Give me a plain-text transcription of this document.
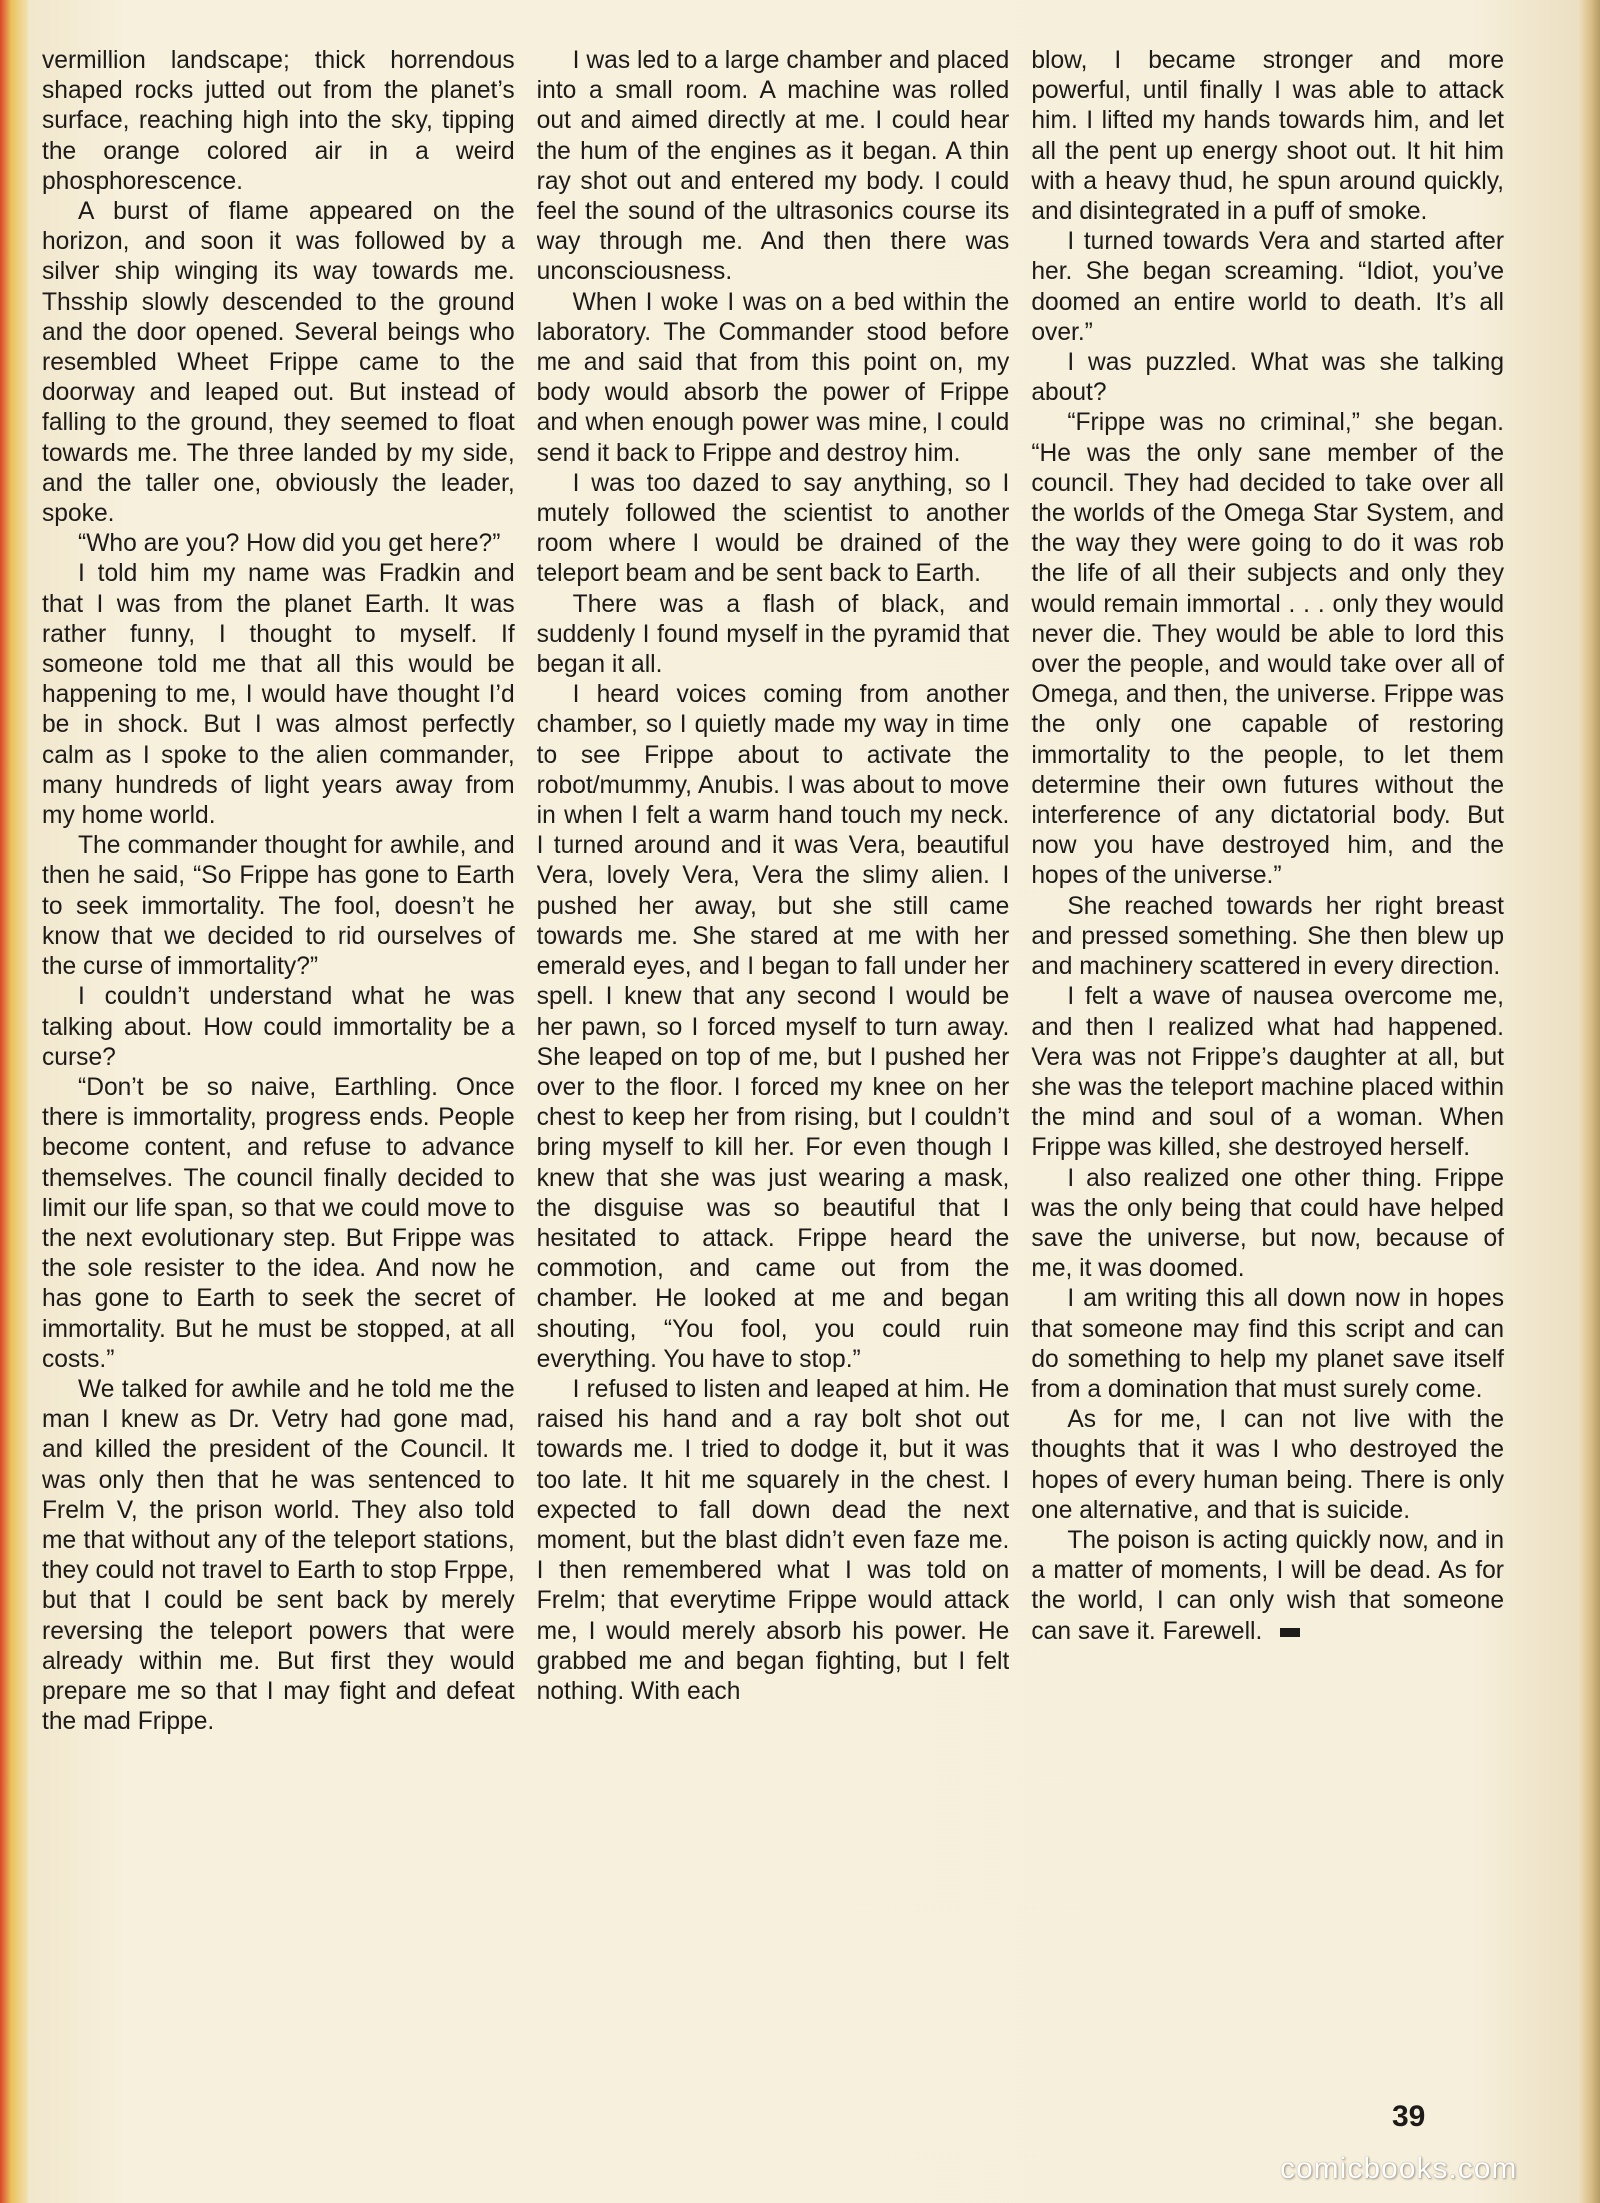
vermillion landscape; thick horrendous shaped rocks jutted out from the planet’s surface, reaching high into the sky, tipping the orange colored air in a weird phosphorescence.

A burst of flame appeared on the horizon, and soon it was followed by a silver ship winging its way towards me. Thsship slowly descended to the ground and the door opened. Several beings who resembled Wheet Frippe came to the doorway and leaped out. But instead of falling to the ground, they seemed to float towards me. The three landed by my side, and the taller one, obviously the leader, spoke.

“Who are you? How did you get here?”

I told him my name was Fradkin and that I was from the planet Earth. It was rather funny, I thought to myself. If someone told me that all this would be happening to me, I would have thought I’d be in shock. But I was almost perfectly calm as I spoke to the alien commander, many hundreds of light years away from my home world.

The commander thought for awhile, and then he said, “So Frippe has gone to Earth to seek immortality. The fool, doesn’t he know that we decided to rid ourselves of the curse of immortality?”

I couldn’t understand what he was talking about. How could immortality be a curse?

“Don’t be so naive, Earthling. Once there is immortality, progress ends. People become content, and refuse to advance themselves. The council finally decided to limit our life span, so that we could move to the next evolutionary step. But Frippe was the sole resister to the idea. And now he has gone to Earth to seek the secret of immortality. But he must be stopped, at all costs.”

We talked for awhile and he told me the man I knew as Dr. Vetry had gone mad, and killed the president of the Council. It was only then that he was sentenced to Frelm V, the prison world. They also told me that without any of the teleport stations, they could not travel to Earth to stop Frppe, but that I could be sent back by merely reversing the teleport powers that were already within me. But first they would prepare me so that I may fight and defeat the mad Frippe.

I was led to a large chamber and placed into a small room. A machine was rolled out and aimed directly at me. I could hear the hum of the engines as it began. A thin ray shot out and entered my body. I could feel the sound of the ultrasonics course its way through me. And then there was unconsciousness.

When I woke I was on a bed within the laboratory. The Commander stood before me and said that from this point on, my body would absorb the power of Frippe and when enough power was mine, I could send it back to Frippe and destroy him.

I was too dazed to say anything, so I mutely followed the scientist to another room where I would be drained of the teleport beam and be sent back to Earth.

There was a flash of black, and suddenly I found myself in the pyramid that began it all.

I heard voices coming from another chamber, so I quietly made my way in time to see Frippe about to activate the robot/mummy, Anubis. I was about to move in when I felt a warm hand touch my neck. I turned around and it was Vera, beautiful Vera, lovely Vera, Vera the slimy alien. I pushed her away, but she still came towards me. She stared at me with her emerald eyes, and I began to fall under her spell. I knew that any second I would be her pawn, so I forced myself to turn away. She leaped on top of me, but I pushed her over to the floor. I forced my knee on her chest to keep her from rising, but I couldn’t bring myself to kill her. For even though I knew that she was just wearing a mask, the disguise was so beautiful that I hesitated to attack. Frippe heard the commotion, and came out from the chamber. He looked at me and began shouting, “You fool, you could ruin everything. You have to stop.”

I refused to listen and leaped at him. He raised his hand and a ray bolt shot out towards me. I tried to dodge it, but it was too late. It hit me squarely in the chest. I expected to fall down dead the next moment, but the blast didn’t even faze me. I then remembered what I was told on Frelm; that everytime Frippe would attack me, I would merely absorb his power. He grabbed me and began fighting, but I felt nothing. With each

blow, I became stronger and more powerful, until finally I was able to attack him. I lifted my hands towards him, and let all the pent up energy shoot out. It hit him with a heavy thud, he spun around quickly, and disintegrated in a puff of smoke.

I turned towards Vera and started after her. She began screaming. “Idiot, you’ve doomed an entire world to death. It’s all over.”

I was puzzled. What was she talking about?

“Frippe was no criminal,” she began. “He was the only sane member of the council. They had decided to take over all the worlds of the Omega Star System, and the way they were going to do it was rob the life of all their subjects and only they would remain immortal . . . only they would never die. They would be able to lord this over the people, and would take over all of Omega, and then, the universe. Frippe was the only one capable of restoring immortality to the people, to let them determine their own futures without the interference of any dictatorial body. But now you have destroyed him, and the hopes of the universe.”

She reached towards her right breast and pressed something. She then blew up and machinery scattered in every direction.

I felt a wave of nausea overcome me, and then I realized what had happened. Vera was not Frippe’s daughter at all, but she was the teleport machine placed within the mind and soul of a woman. When Frippe was killed, she destroyed herself.

I also realized one other thing. Frippe was the only being that could have helped save the universe, but now, because of me, it was doomed.

I am writing this all down now in hopes that someone may find this script and can do something to help my planet save itself from a domination that must surely come.

As for me, I can not live with the thoughts that it was I who destroyed the hopes of every human being. There is only one alternative, and that is suicide.

The poison is acting quickly now, and in a matter of moments, I will be dead. As for the world, I can only wish that someone can save it. Farewell.

39
comicbooks.com
